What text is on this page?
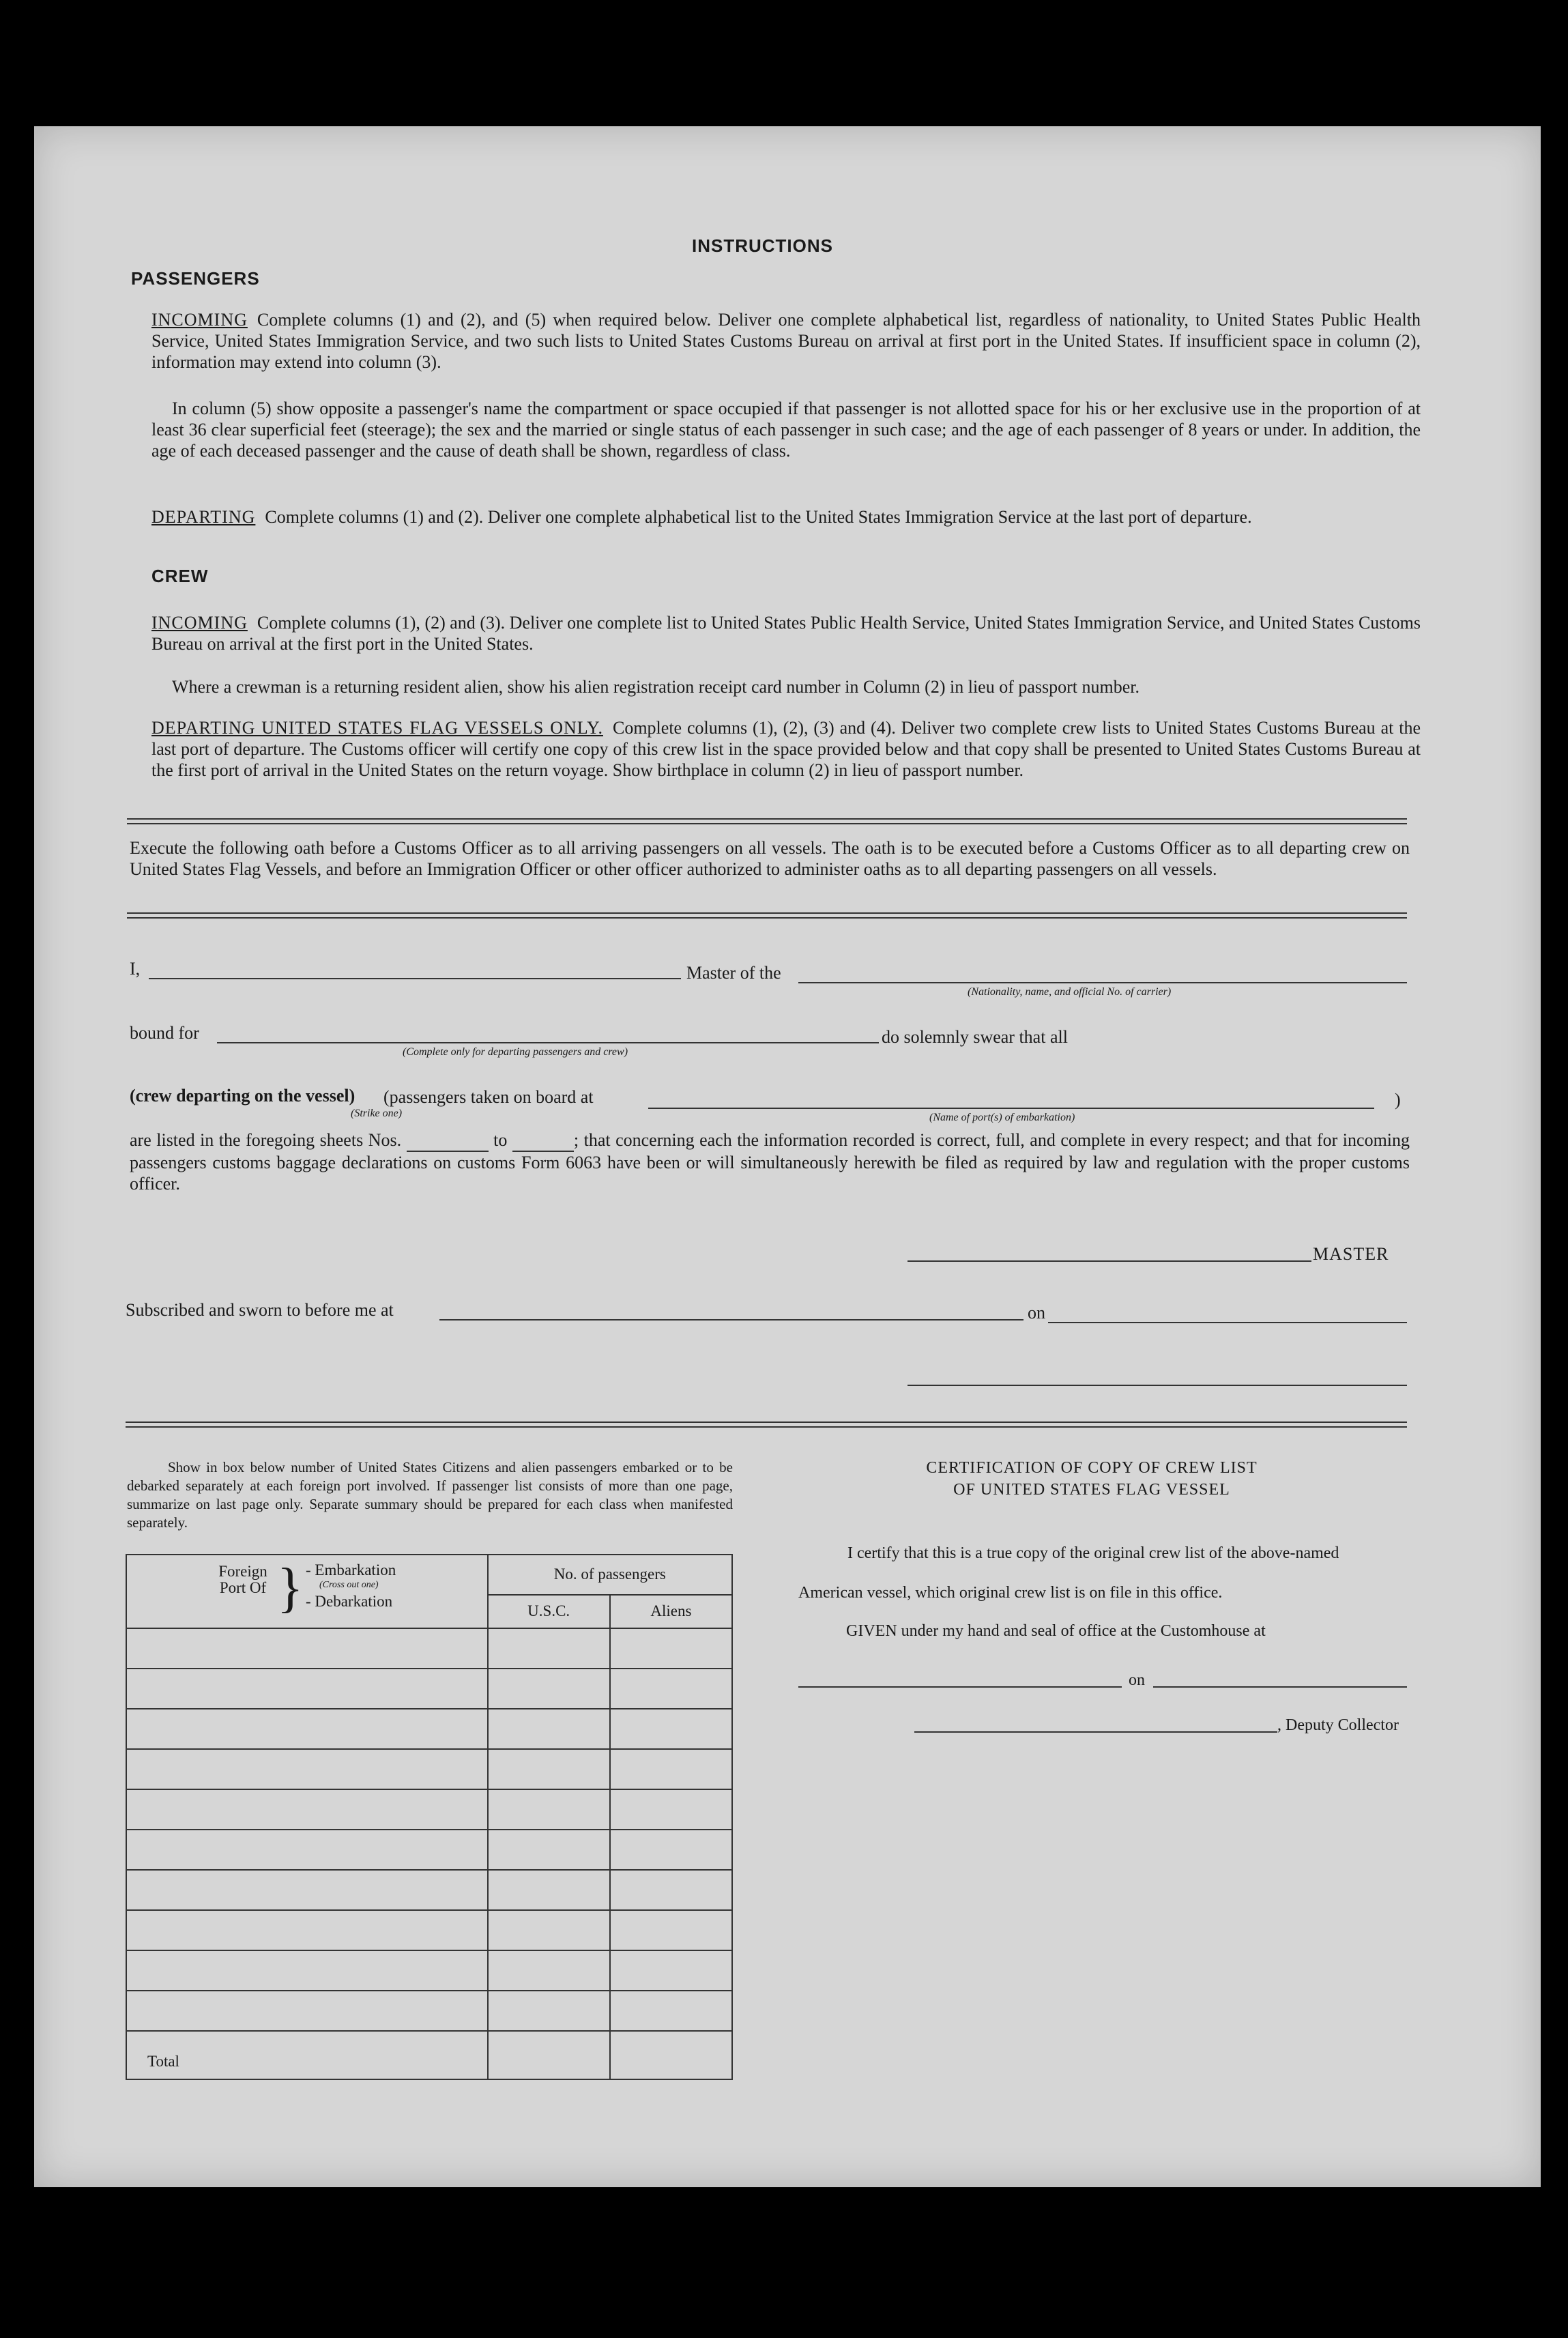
INSTRUCTIONS
PASSENGERS
INCOMING Complete columns (1) and (2), and (5) when required below. Deliver one complete alphabetical list, regardless of nationality, to United States Public Health Service, United States Immigration Service, and two such lists to United States Customs Bureau on arrival at first port in the United States. If insufficient space in column (2), information may extend into column (3).
In column (5) show opposite a passenger's name the compartment or space occupied if that passenger is not allotted space for his or her exclusive use in the proportion of at least 36 clear superficial feet (steerage); the sex and the married or single status of each passenger in such case; and the age of each passenger of 8 years or under. In addition, the age of each deceased passenger and the cause of death shall be shown, regardless of class.
DEPARTING Complete columns (1) and (2). Deliver one complete alphabetical list to the United States Immigration Service at the last port of departure.
CREW
INCOMING Complete columns (1), (2) and (3). Deliver one complete list to United States Public Health Service, United States Immigration Service, and United States Customs Bureau on arrival at the first port in the United States.
Where a crewman is a returning resident alien, show his alien registration receipt card number in Column (2) in lieu of passport number.
DEPARTING UNITED STATES FLAG VESSELS ONLY. Complete columns (1), (2), (3) and (4). Deliver two complete crew lists to United States Customs Bureau at the last port of departure. The Customs officer will certify one copy of this crew list in the space provided below and that copy shall be presented to United States Customs Bureau at the first port of arrival in the United States on the return voyage. Show birthplace in column (2) in lieu of passport number.
Execute the following oath before a Customs Officer as to all arriving passengers on all vessels. The oath is to be executed before a Customs Officer as to all departing crew on United States Flag Vessels, and before an Immigration Officer or other officer authorized to administer oaths as to all departing passengers on all vessels.
I,	Master of the
(Nationality, name, and official No. of carrier)
bound for
(Complete only for departing passengers and crew)
do solemnly swear that all
(crew departing on the vessel)
(Strike one)
(passengers taken on board at	)
(Name of port(s) of embarkation)
are listed in the foregoing sheets Nos.	to	; that concerning each the information recorded is correct, full, and complete in every respect; and that for incoming passengers customs baggage declarations on customs Form 6063 have been or will simultaneously herewith be filed as required by law and regulation with the proper customs officer.
MASTER
Subscribed and sworn to before me at	on
Show in box below number of United States Citizens and alien passengers embarked or to be debarked separately at each foreign port involved. If passenger list consists of more than one page, summarize on last page only. Separate summary should be prepared for each class when manifested separately.
Foreign Port Of } - Embarkation
(Cross out one)
- Debarkation	No. of passengers	
	U.S.C.	Aliens

Total		
CERTIFICATION OF COPY OF CREW LIST
OF UNITED STATES FLAG VESSEL
I certify that this is a true copy of the original crew list of the above-named
American vessel, which original crew list is on file in this office.
GIVEN under my hand and seal of office at the Customhouse at
on
, Deputy Collector
